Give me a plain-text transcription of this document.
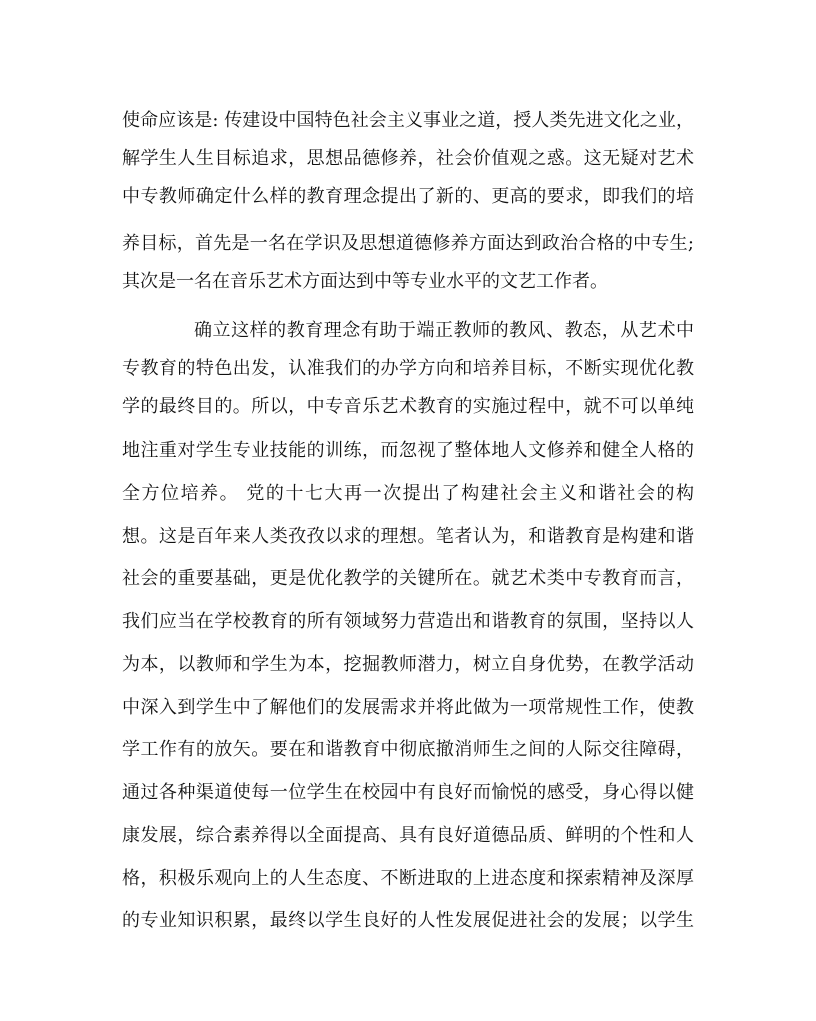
使命应该是: 传建设中国特色社会主义事业之道，授人类先进文化之业，
解学生人生目标追求，思想品德修养，社会价值观之惑。这无疑对艺术
中专教师确定什么样的教育理念提出了新的、更高的要求，即我们的培
养目标，首先是一名在学识及思想道德修养方面达到政治合格的中专生;
其次是一名在音乐艺术方面达到中等专业水平的文艺工作者。
确立这样的教育理念有助于端正教师的教风、教态，从艺术中
专教育的特色出发，认准我们的办学方向和培养目标，不断实现优化教
学的最终目的。所以，中专音乐艺术教育的实施过程中，就不可以单纯
地注重对学生专业技能的训练，而忽视了整体地人文修养和健全人格的
全方位培养。 党的十七大再一次提出了构建社会主义和谐社会的构
想。这是百年来人类孜孜以求的理想。笔者认为，和谐教育是构建和谐
社会的重要基础，更是优化教学的关键所在。就艺术类中专教育而言，
我们应当在学校教育的所有领域努力营造出和谐教育的氛围，坚持以人
为本，以教师和学生为本，挖掘教师潜力，树立自身优势，在教学活动
中深入到学生中了解他们的发展需求并将此做为一项常规性工作，使教
学工作有的放矢。要在和谐教育中彻底撤消师生之间的人际交往障碍，
通过各种渠道使每一位学生在校园中有良好而愉悦的感受，身心得以健
康发展，综合素养得以全面提高、具有良好道德品质、鲜明的个性和人
格，积极乐观向上的人生态度、不断进取的上进态度和探索精神及深厚
的专业知识积累，最终以学生良好的人性发展促进社会的发展；以学生
